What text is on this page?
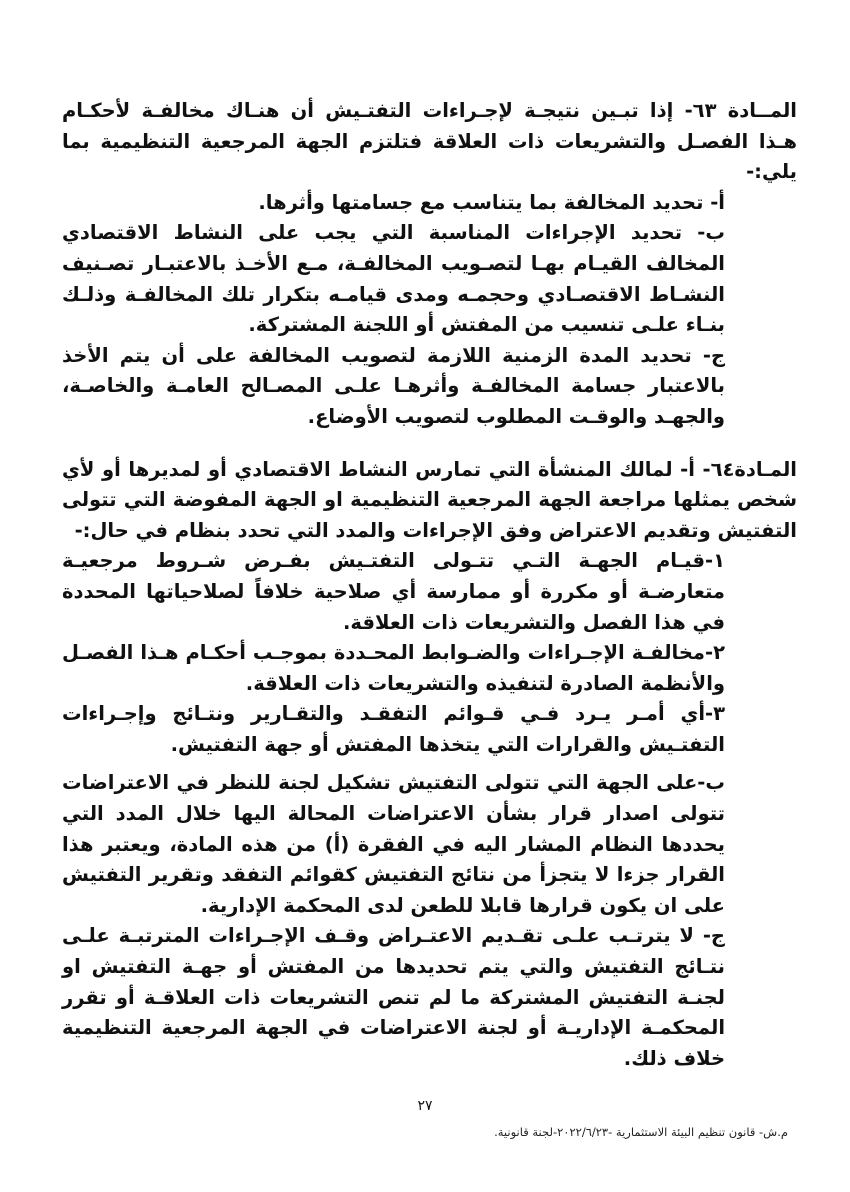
المــادة ٦٣- إذا تبـين نتيجـة لإجـراءات التفتـيش أن هنـاك مخالفـة لأحكـام هـذا الفصـل والتشريعات ذات العلاقة فتلتزم الجهة المرجعية التنظيمية بما يلي:-

أ- تحديد المخالفة بما يتناسب مع جسامتها وأثرها.

ب- تحديد الإجراءات المناسبة التي يجب على النشاط الاقتصادي المخالف القيـام بهـا لتصـويب المخالفـة، مـع الأخـذ بالاعتبـار تصـنيف النشـاط الاقتصـادي وحجمـه ومدى قيامـه بتكرار تلك المخالفـة وذلـك بنـاء علـى تنسيب من المفتش أو اللجنة المشتركة.

ج- تحديد المدة الزمنية اللازمة لتصويب المخالفة على أن يتم الأخذ بالاعتبار جسامة المخالفـة وأثرهـا علـى المصـالح العامـة والخاصـة، والجهـد والوقـت المطلوب لتصويب الأوضاع.

المـادة٦٤- أ- لمالك المنشأة التي تمارس النشاط الاقتصادي أو لمديرها أو لأي شخص يمثلها مراجعة الجهة المرجعية التنظيمية او الجهة المفوضة التي تتولى التفتيش وتقديم الاعتراض وفق الإجراءات والمدد التي تحدد بنظام في حال:-

١-قيـام الجهـة التـي تتـولى التفتـيش بفـرض شـروط مرجعيـة متعارضـة أو مكررة أو ممارسة أي صلاحية خلافاً لصلاحياتها المحددة في هذا الفصل والتشريعات ذات العلاقة.

٢-مخالفـة الإجـراءات والضـوابط المحـددة بموجـب أحكـام هـذا الفصـل والأنظمة الصادرة لتنفيذه والتشريعات ذات العلاقة.

٣-أي أمـر يـرد فـي قـوائم التفقـد والتقـارير ونتـائج وإجـراءات التفتـيش والقرارات التي يتخذها المفتش أو جهة التفتيش.

ب-على الجهة التي تتولى التفتيش تشكيل لجنة للنظر في الاعتراضات تتولى اصدار قرار بشأن الاعتراضات المحالة اليها خلال المدد التي يحددها النظام المشار اليه في الفقرة (أ) من هذه المادة، ويعتبر هذا القرار جزءا لا يتجزأ من نتائج التفتيش كقوائم التفقد وتقرير التفتيش على ان يكون قرارها قابلا للطعن لدى المحكمة الإدارية.

ج- لا يترتـب علـى تقـديم الاعتـراض وقـف الإجـراءات المترتبـة علـى نتـائج التفتيش والتي يتم تحديدها من المفتش أو جهـة التفتيش او لجنـة التفتيش المشتركة ما لم تنص التشريعات ذات العلاقـة أو تقرر المحكمـة الإداريـة أو لجنة الاعتراضات في الجهة المرجعية التنظيمية خلاف ذلك.

٢٧
م.ش- قانون تنظيم البيئة الاستثمارية -٢٠٢٢/٦/٢٣-لجنة قانونية.
